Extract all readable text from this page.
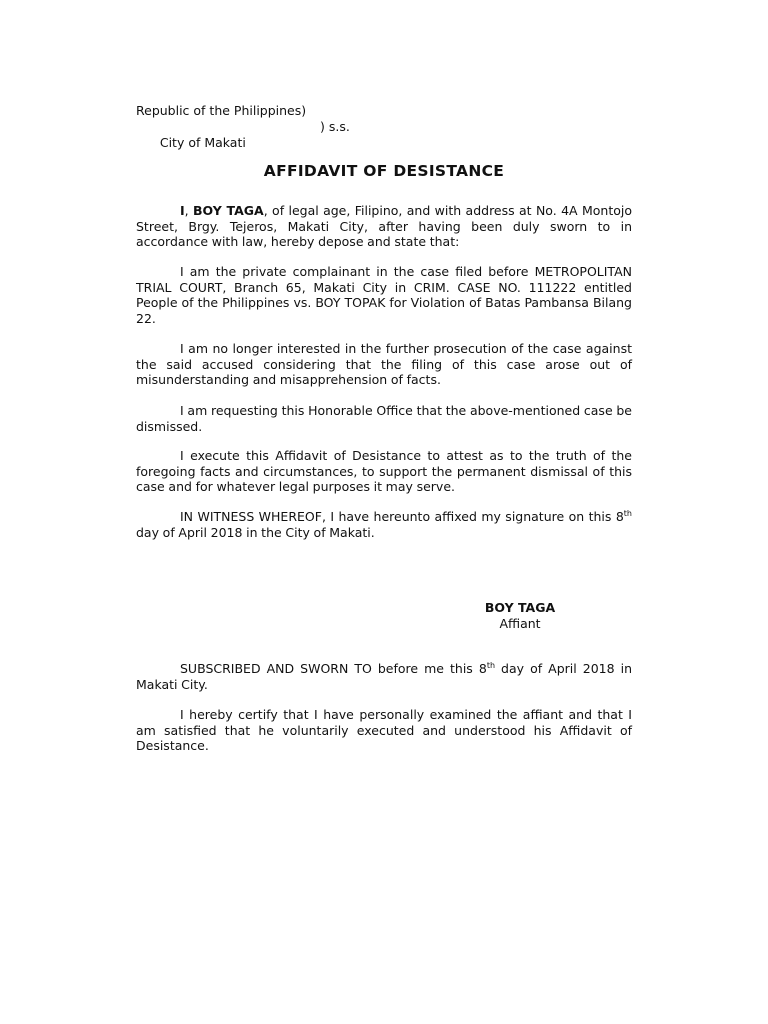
Republic of the Philippines)

City of Makati

) s.s.

AFFIDAVIT OF DESISTANCE
I, BOY TAGA, of legal age, Filipino, and with address at No. 4A Montojo Street, Brgy. Tejeros, Makati City, after having been duly sworn to in accordance with law, hereby depose and state that:
I am the private complainant in the case filed before METROPOLITAN TRIAL COURT, Branch 65, Makati City in CRIM. CASE NO. 111222 entitled People of the Philippines vs. BOY TOPAK for Violation of Batas Pambansa Bilang 22.
I am no longer interested in the further prosecution of the case against the said accused considering that the filing of this case arose out of misunderstanding and misapprehension of facts.
I am requesting this Honorable Office that the above-mentioned case be dismissed.
I execute this Affidavit of Desistance to attest as to the truth of the foregoing facts and circumstances, to support the permanent dismissal of this case and for whatever legal purposes it may serve.
IN WITNESS WHEREOF, I have hereunto affixed my signature on this 8th day of April 2018 in the City of Makati.
BOY TAGA
Affiant
SUBSCRIBED AND SWORN TO before me this 8th day of April 2018 in Makati City.
I hereby certify that I have personally examined the affiant and that I am satisfied that he voluntarily executed and understood his Affidavit of Desistance.
